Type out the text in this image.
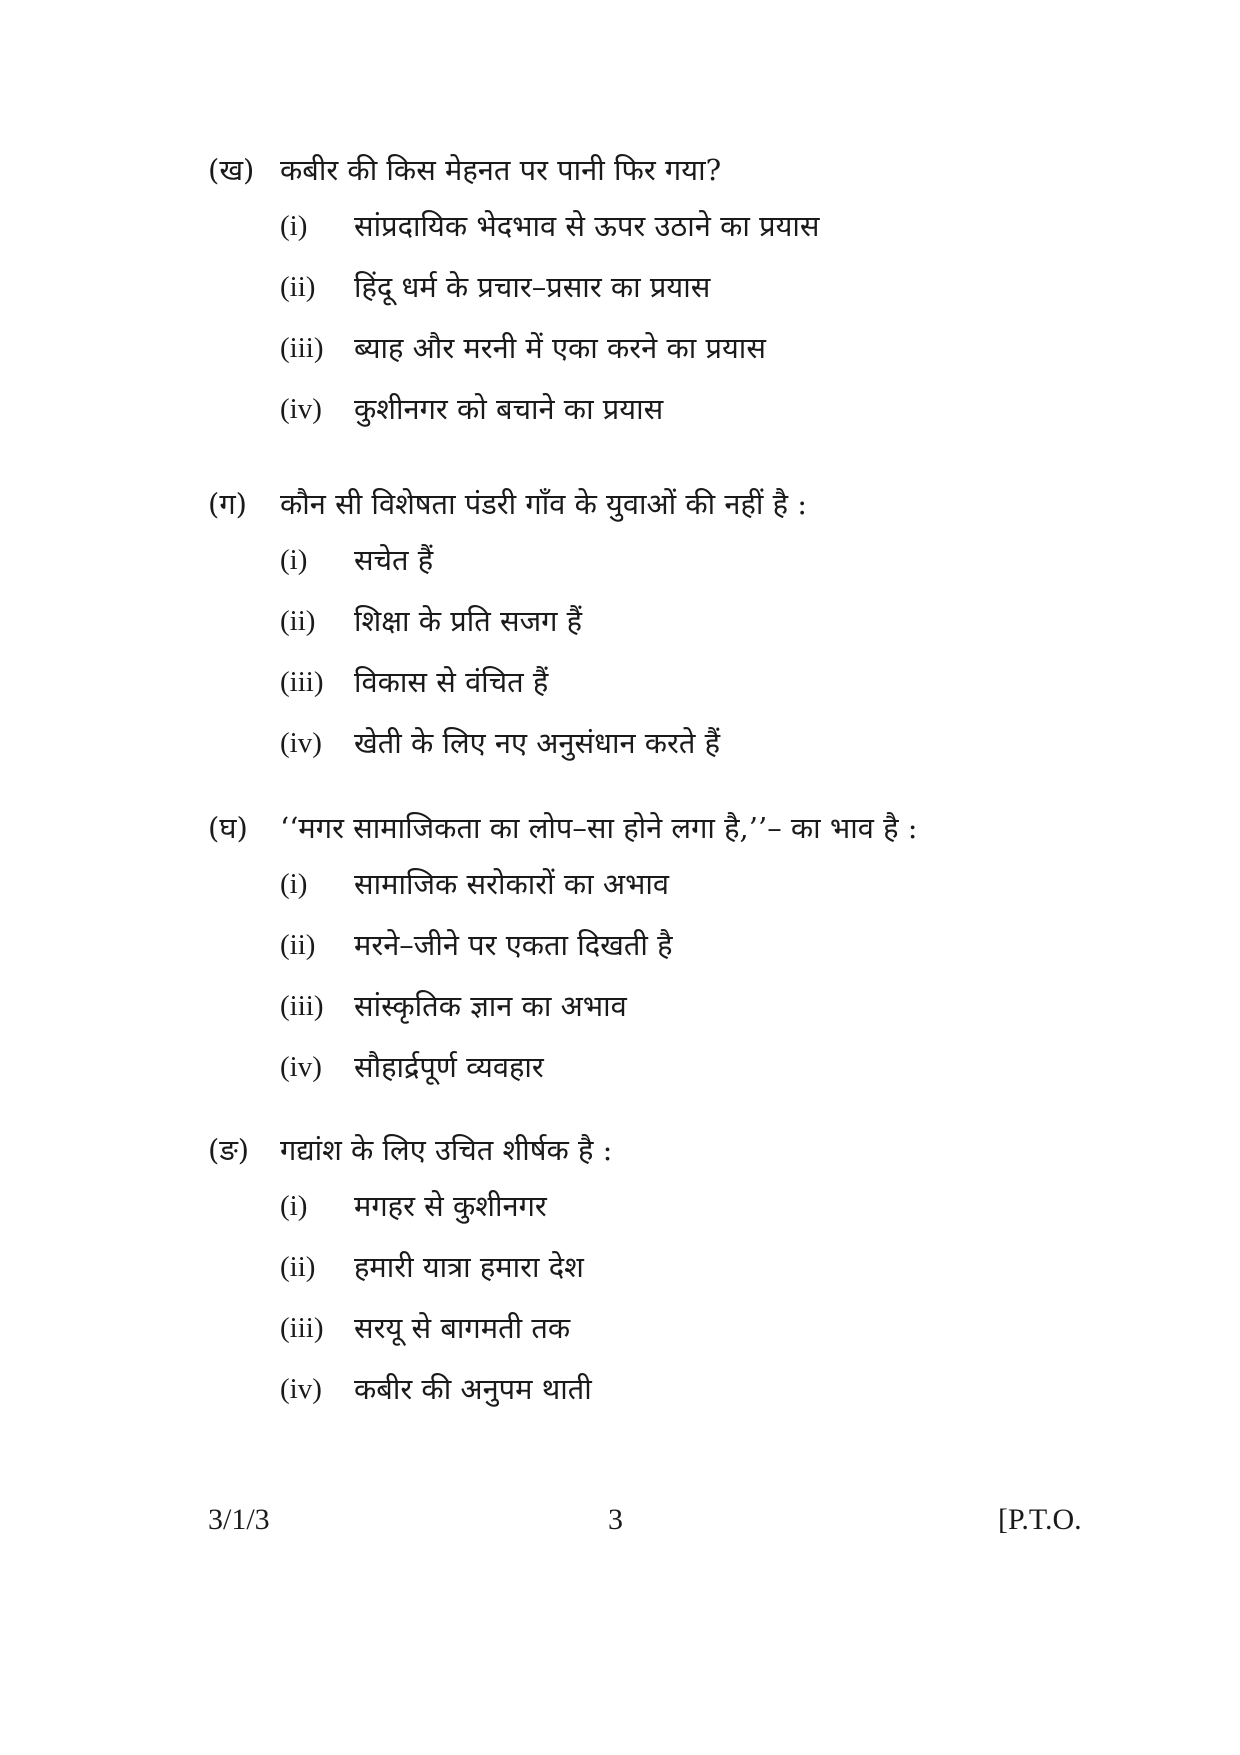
(ख) कबीर की किस मेहनत पर पानी फिर गया?
(i) सांप्रदायिक भेदभाव से ऊपर उठाने का प्रयास
(ii) हिंदू धर्म के प्रचार–प्रसार का प्रयास
(iii) ब्याह और मरनी में एका करने का प्रयास
(iv) कुशीनगर को बचाने का प्रयास
(ग) कौन सी विशेषता पंडरी गाँव के युवाओं की नहीं है :
(i) सचेत हैं
(ii) शिक्षा के प्रति सजग हैं
(iii) विकास से वंचित हैं
(iv) खेती के लिए नए अनुसंधान करते हैं
(घ) ‘‘मगर सामाजिकता का लोप–सा होने लगा है,’’– का भाव है :
(i) सामाजिक सरोकारों का अभाव
(ii) मरने–जीने पर एकता दिखती है
(iii) सांस्कृतिक ज्ञान का अभाव
(iv) सौहार्द्रपूर्ण व्यवहार
(ङ) गद्यांश के लिए उचित शीर्षक है :
(i) मगहर से कुशीनगर
(ii) हमारी यात्रा हमारा देश
(iii) सरयू से बागमती तक
(iv) कबीर की अनुपम थाती
3/1/3	3	[P.T.O.
